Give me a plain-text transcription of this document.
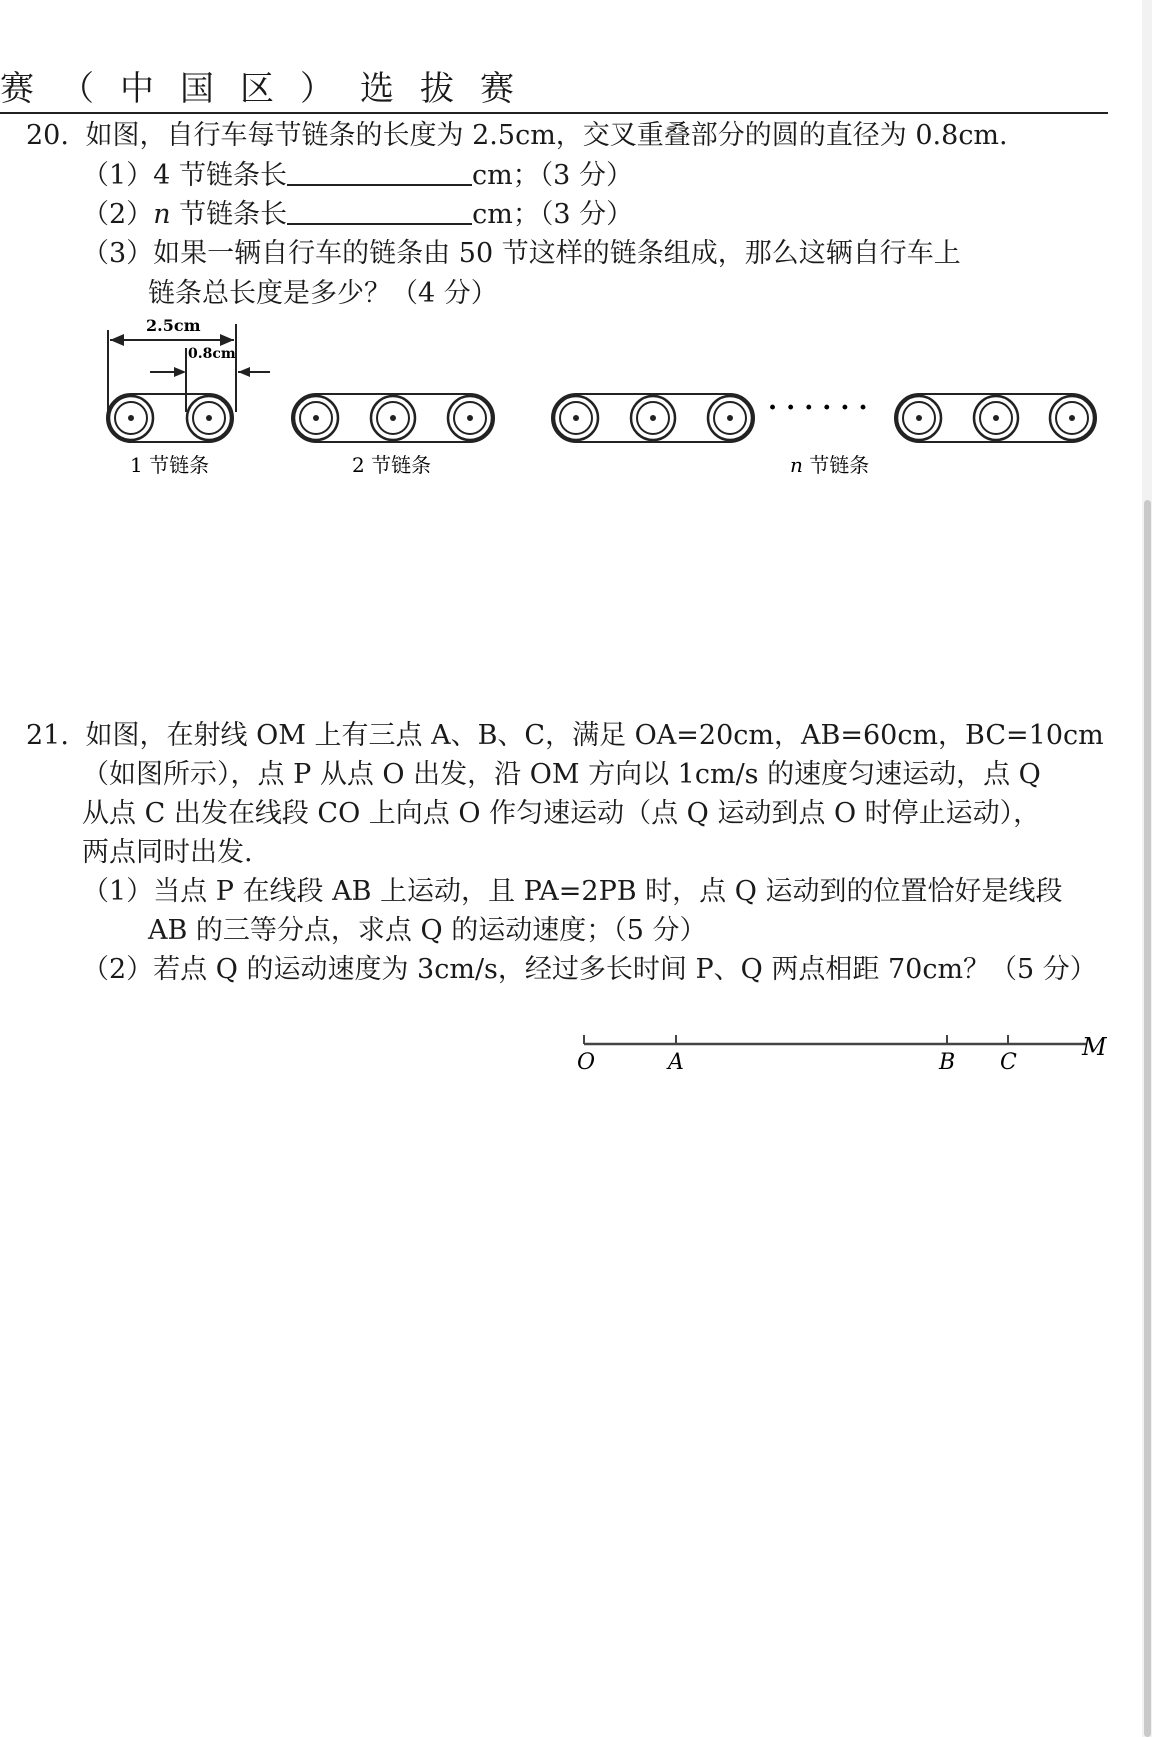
赛（中国区）选拔赛
20. 如图，自行车每节链条的长度为 2.5cm，交叉重叠部分的圆的直径为 0.8cm.
（1）4 节链条长	cm；（3 分）
（2）n 节链条长	cm；（3 分）
（3）如果一辆自行车的链条由 50 节这样的链条组成，那么这辆自行车上
链条总长度是多少？（4 分）
2.5cm
0.8cm
1 节链条	2 节链条
· · · · · ·
n 节链条
21. 如图，在射线 OM 上有三点 A、B、C，满足 OA=20cm，AB=60cm，BC=10cm
（如图所示），点 P 从点 O 出发，沿 OM 方向以 1cm/s 的速度匀速运动，点 Q
从点 C 出发在线段 CO 上向点 O 作匀速运动（点 Q 运动到点 O 时停止运动），
两点同时出发.
（1）当点 P 在线段 AB 上运动，且 PA=2PB 时，点 Q 运动到的位置恰好是线段
AB 的三等分点，求点 Q 的运动速度；（5 分）
（2）若点 Q 的运动速度为 3cm/s，经过多长时间 P、Q 两点相距 70cm？（5 分）
O	A	B C
M
